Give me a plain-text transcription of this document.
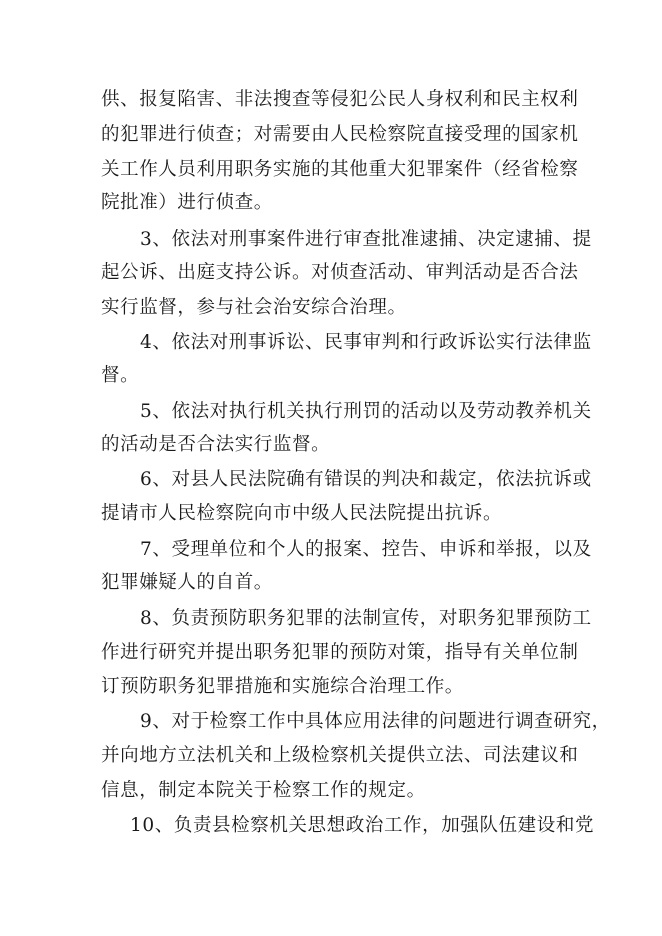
供、报复陷害、非法搜查等侵犯公民人身权利和民主权利
的犯罪进行侦查；对需要由人民检察院直接受理的国家机
关工作人员利用职务实施的其他重大犯罪案件（经省检察
院批准）进行侦查。
3、依法对刑事案件进行审查批准逮捕、决定逮捕、提
起公诉、出庭支持公诉。对侦查活动、审判活动是否合法
实行监督，参与社会治安综合治理。
4、依法对刑事诉讼、民事审判和行政诉讼实行法律监
督。
5、依法对执行机关执行刑罚的活动以及劳动教养机关
的活动是否合法实行监督。
6、对县人民法院确有错误的判决和裁定，依法抗诉或
提请市人民检察院向市中级人民法院提出抗诉。
7、受理单位和个人的报案、控告、申诉和举报，以及
犯罪嫌疑人的自首。
8、负责预防职务犯罪的法制宣传，对职务犯罪预防工
作进行研究并提出职务犯罪的预防对策，指导有关单位制
订预防职务犯罪措施和实施综合治理工作。
9、对于检察工作中具体应用法律的问题进行调查研究，
并向地方立法机关和上级检察机关提供立法、司法建议和
信息，制定本院关于检察工作的规定。
10、负责县检察机关思想政治工作，加强队伍建设和党
